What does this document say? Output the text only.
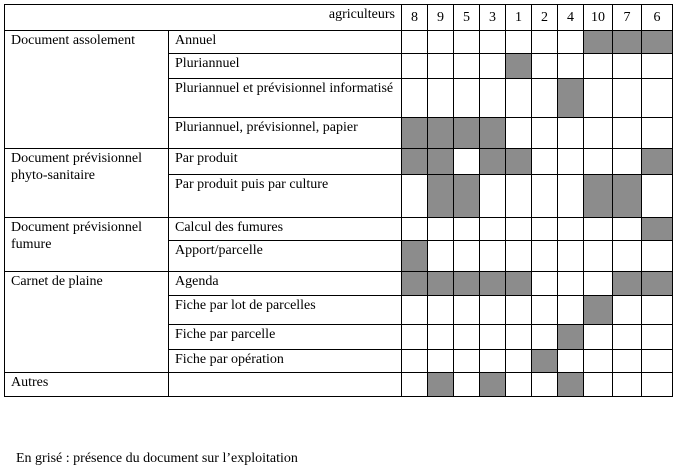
agriculteurs		8	9	5	3	1	2	4	10	7	6
Document assolement	Annuel										
	Pluriannuel										
	Pluriannuel et prévisionnel informatisé										
	Pluriannuel, prévisionnel, papier										
Document prévisionnel phyto-sanitaire	Par produit										
	Par produit puis par culture										
Document prévisionnel fumure	Calcul des fumures										
	Apport/parcelle										
Carnet de plaine	Agenda										
	Fiche par lot de parcelles										
	Fiche par parcelle										
	Fiche par opération										
Autres											
En grisé : présence du document sur l’exploitation
